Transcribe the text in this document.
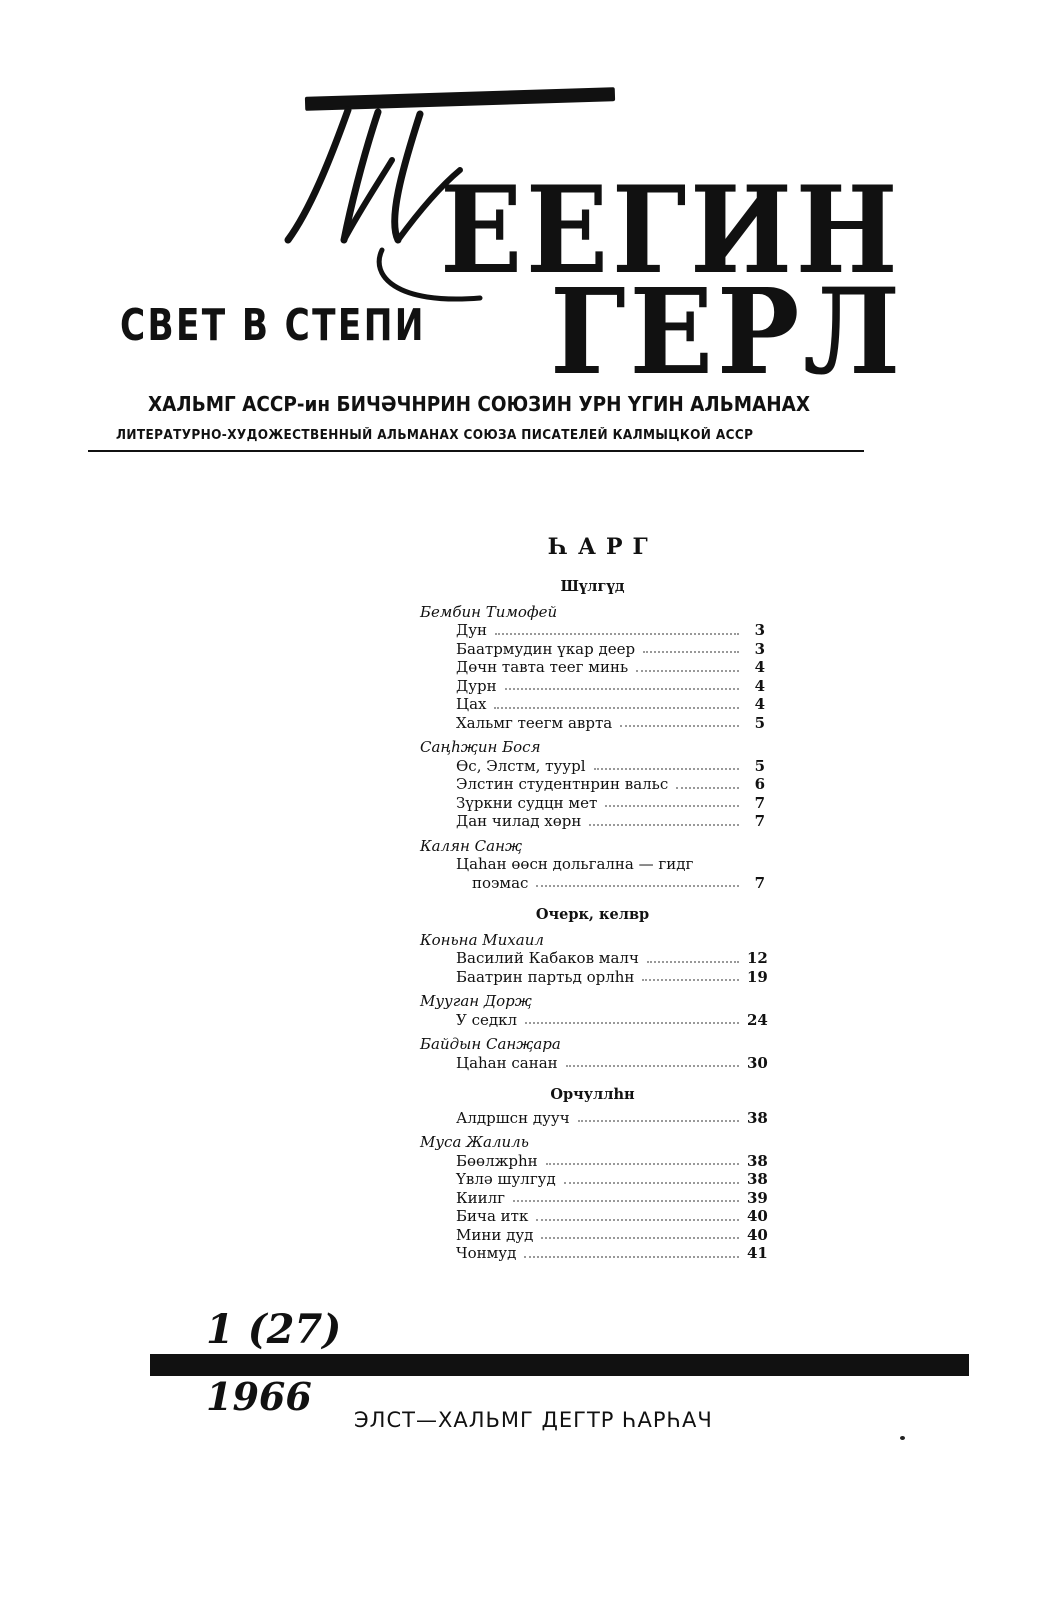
ЕЕГИН
ГЕРЛ
СВЕТ В СТЕПИ
ХАЛЬМГ АССР-ин БИЧӘЧНРИН СОЮЗИН УРН ҮГИН АЛЬМАНАХ
ЛИТЕРАТУРНО-ХУДОЖЕСТВЕННЫЙ АЛЬМАНАХ СОЮЗА ПИСАТЕЛЕЙ КАЛМЫЦКОЙ АССР
ҺАРГ
Шүлгүд
Бембин Тимофей
Дун	3
Баатрмудин үкар деер	3
Дөчн тавта теег минь	4
Дурн	4
Цах	4
Хальмг теегм аврта	5
Саңһҗин Бося
Өс, Элстм, туурl	5
Элстин студентнрин вальс	6
Зүркни судцн мет	7
Дан чилад хөрн	7
Калян Санҗ
Цаһан өөсн дольгална — гидг
поэмас	7
Очерк, келвр
Коньна Михаил
Василий Кабаков малч	12
Баатрин партьд орлһн	19
Мууган Дорҗ
У седкл	24
Байдын Санҗара
Цаһан санан	30
Орчуллһн
Алдршсн дууч	38
Муса Жалиль
Бөөлжрһн	38
Үвлә шулгуд	38
Киилг	39
Бича итк	40
Мини дуд	40
Чонмуд	41
1 (27)
1966
ЭЛСТ—ХАЛЬМГ ДЕГТР ҺАРҺАЧ
